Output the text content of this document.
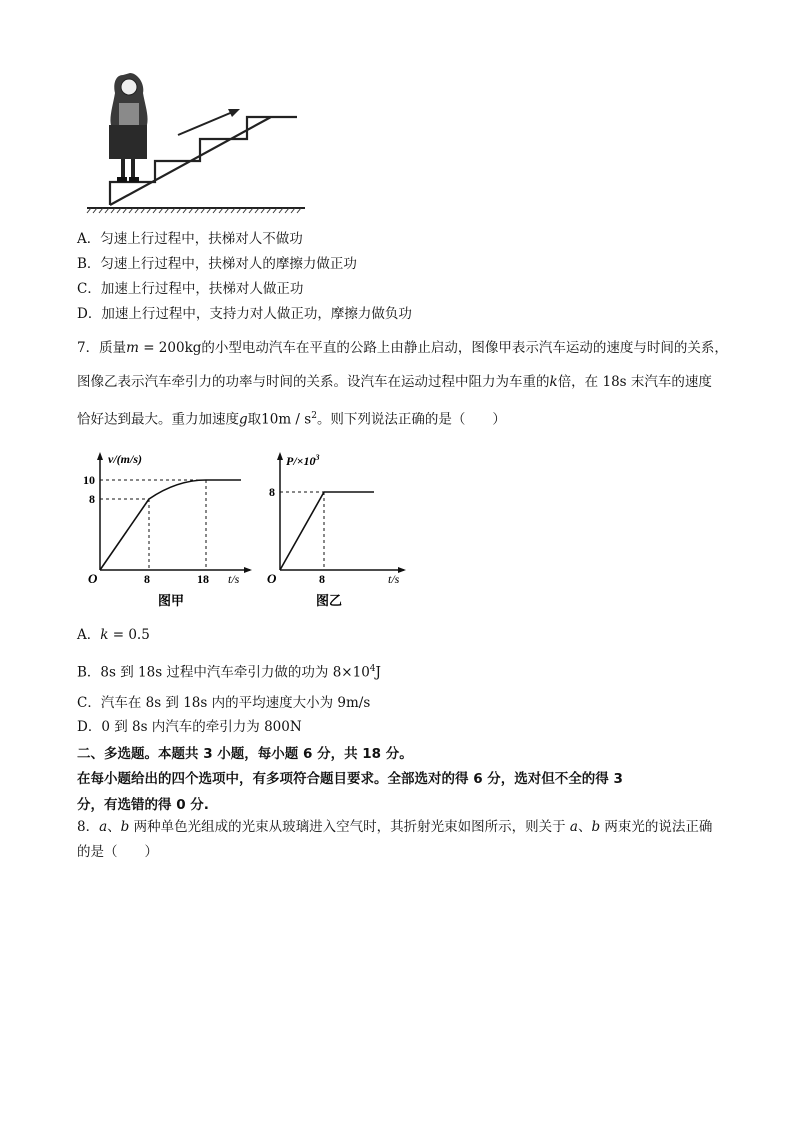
A．匀速上行过程中，扶梯对人不做功
B．匀速上行过程中，扶梯对人的摩擦力做正功
C．加速上行过程中，扶梯对人做正功
D．加速上行过程中，支持力对人做正功，摩擦力做负功
7．质量m = 200kg的小型电动汽车在平直的公路上由静止启动，图像甲表示汽车运动的速度与时间的关系，
图像乙表示汽车牵引力的功率与时间的关系。设汽车在运动过程中阻力为车重的k倍，在 18s 末汽车的速度
恰好达到最大。重力加速度g取$10m / s^2$。则下列说法正确的是（　　）
v/(m/s)
10
8
O	8	18 t/s
图甲
$P/\times 10^3$
8
O	8	t/s
图乙
A．k = 0.5
B．8s 到 18s 过程中汽车牵引力做的功为 $8\times 10^4J$
C．汽车在 8s 到 18s 内的平均速度大小为 9m/s
D．0 到 8s 内汽车的牵引力为 800N
二、多选题。本题共 3 小题，每小题 6 分，共 18 分。
在每小题给出的四个选项中，有多项符合题目要求。全部选对的得 6 分，选对但不全的得 3
分，有选错的得 0 分.
8．a、b 两种单色光组成的光束从玻璃进入空气时，其折射光束如图所示，则关于 a、b 两束光的说法正确
的是（　　）
